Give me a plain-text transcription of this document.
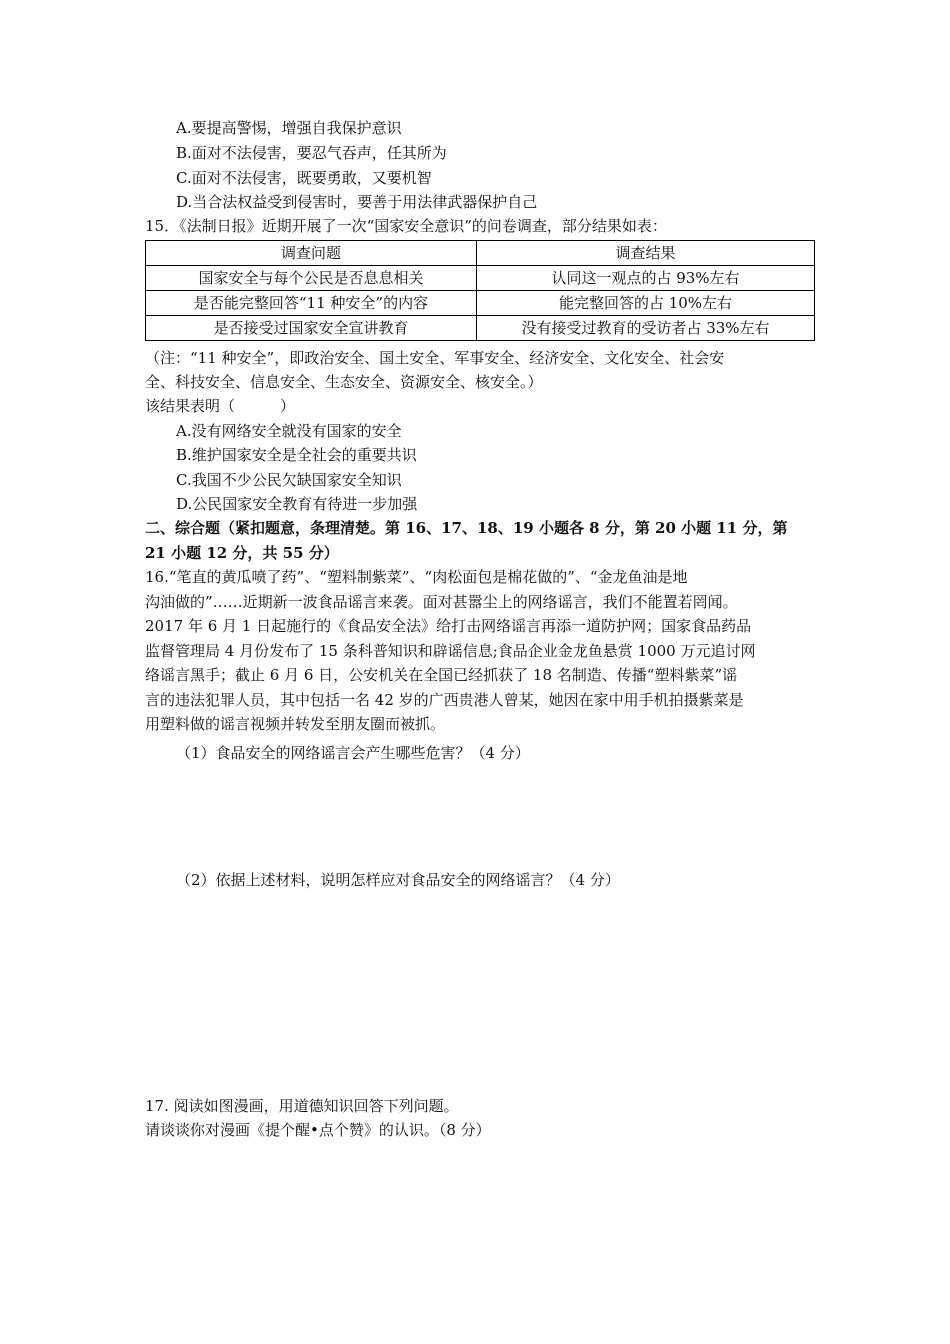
A.要提高警惕，增强自我保护意识
B.面对不法侵害，要忍气吞声，任其所为
C.面对不法侵害，既要勇敢，又要机智
D.当合法权益受到侵害时，要善于用法律武器保护自己
15．《法制日报》近期开展了一次“国家安全意识”的问卷调查，部分结果如表：
调查问题	调查结果
国家安全与每个公民是否息息相关	认同这一观点的占 93%左右
是否能完整回答“11 种安全”的内容	能完整回答的占 10%左右
是否接受过国家安全宣讲教育	没有接受过教育的受访者占 33%左右
（注：“11 种安全”，即政治安全、国土安全、军事安全、经济安全、文化安全、社会安
全、科技安全、信息安全、生态安全、资源安全、核安全。）
该结果表明（　　　）
A.没有网络安全就没有国家的安全
B.维护国家安全是全社会的重要共识
C.我国不少公民欠缺国家安全知识
D.公民国家安全教育有待进一步加强
二、综合题（紧扣题意，条理清楚。第 16、17、18、19 小题各 8 分，第 20 小题 11 分，第
21 小题 12 分，共 55 分）
16.“笔直的黄瓜喷了药”、“塑料制紫菜”、“肉松面包是棉花做的”、“金龙鱼油是地
沟油做的”……近期新一波食品谣言来袭。面对甚嚣尘上的网络谣言，我们不能置若罔闻。
2017 年 6 月 1 日起施行的《食品安全法》给打击网络谣言再添一道防护网；国家食品药品
监督管理局 4 月份发布了 15 条科普知识和辟谣信息;食品企业金龙鱼悬赏 1000 万元追讨网
络谣言黑手；截止 6 月 6 日，公安机关在全国已经抓获了 18 名制造、传播“塑料紫菜”谣
言的违法犯罪人员，其中包括一名 42 岁的广西贵港人曾某，她因在家中用手机拍摄紫菜是
用塑料做的谣言视频并转发至朋友圈而被抓。
（1）食品安全的网络谣言会产生哪些危害？（4 分）
（2）依据上述材料，说明怎样应对食品安全的网络谣言？（4 分）
17. 阅读如图漫画，用道德知识回答下列问题。
请谈谈你对漫画《提个醒•点个赞》的认识。（8 分）
